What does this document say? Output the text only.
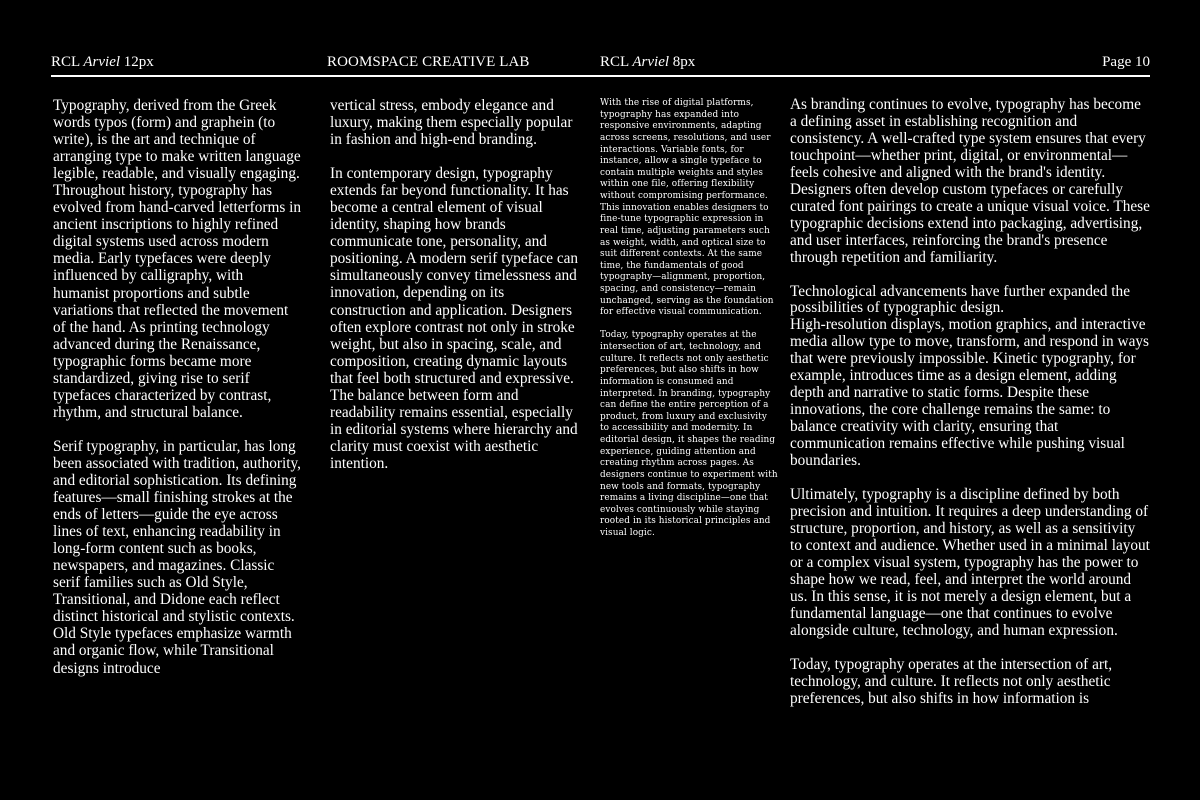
RCL Arviel 12px	ROOMSPACE CREATIVE LAB	RCL Arviel 8px	Page 10

Typography, derived from the Greek words typos (form) and graphein (to write), is the art and technique of arranging type to make written language legible, readable, and visually engaging. Throughout history, typography has evolved from hand-carved letterforms in ancient inscriptions to highly refined digital systems used across modern media. Early typefaces were deeply influenced by calligraphy, with humanist proportions and subtle variations that reflected the movement of the hand. As printing technology advanced during the Renaissance, typographic forms became more standardized, giving rise to serif typefaces characterized by contrast, rhythm, and structural balance.

Serif typography, in particular, has long been associated with tradition, authority, and editorial sophistication. Its defining features—small finishing strokes at the ends of letters—guide the eye across lines of text, enhancing readability in long-form content such as books, newspapers, and magazines. Classic serif families such as Old Style, Transitional, and Didone each reflect distinct historical and stylistic contexts. Old Style typefaces emphasize warmth and organic flow, while Transitional designs introduce

vertical stress, embody elegance and luxury, making them especially popular in fashion and high-end branding.

In contemporary design, typography extends far beyond functionality. It has become a central element of visual identity, shaping how brands communicate tone, personality, and positioning. A modern serif typeface can simultaneously convey timelessness and innovation, depending on its construction and application. Designers often explore contrast not only in stroke weight, but also in spacing, scale, and composition, creating dynamic layouts that feel both structured and expressive. The balance between form and readability remains essential, especially in editorial systems where hierarchy and clarity must coexist with aesthetic intention.

With the rise of digital platforms, typography has expanded into responsive environments, adapting across screens, resolutions, and user interactions. Variable fonts, for instance, allow a single typeface to contain multiple weights and styles within one file, offering flexibility without compromising performance. This innovation enables designers to fine-tune typographic expression in real time, adjusting parameters such as weight, width, and optical size to suit different contexts. At the same time, the fundamentals of good typography—alignment, proportion, spacing, and consistency—remain unchanged, serving as the foundation for effective visual communication.

Today, typography operates at the intersection of art, technology, and culture. It reflects not only aesthetic preferences, but also shifts in how information is consumed and interpreted. In branding, typography can define the entire perception of a product, from luxury and exclusivity to accessibility and modernity. In editorial design, it shapes the reading experience, guiding attention and creating rhythm across pages. As designers continue to experiment with new tools and formats, typography remains a living discipline—one that evolves continuously while staying rooted in its historical principles and visual logic.

As branding continues to evolve, typography has become a defining asset in establishing recognition and consistency. A well-crafted type system ensures that every touchpoint—whether print, digital, or environmental—feels cohesive and aligned with the brand's identity. Designers often develop custom typefaces or carefully curated font pairings to create a unique visual voice. These typographic decisions extend into packaging, advertising, and user interfaces, reinforcing the brand's presence through repetition and familiarity.

Technological advancements have further expanded the possibilities of typographic design.

High-resolution displays, motion graphics, and interactive media allow type to move, transform, and respond in ways that were previously impossible. Kinetic typography, for example, introduces time as a design element, adding depth and narrative to static forms. Despite these innovations, the core challenge remains the same: to balance creativity with clarity, ensuring that communication remains effective while pushing visual boundaries.

Ultimately, typography is a discipline defined by both precision and intuition. It requires a deep understanding of structure, proportion, and history, as well as a sensitivity to context and audience. Whether used in a minimal layout or a complex visual system, typography has the power to shape how we read, feel, and interpret the world around us. In this sense, it is not merely a design element, but a fundamental language—one that continues to evolve alongside culture, technology, and human expression.

Today, typography operates at the intersection of art, technology, and culture. It reflects not only aesthetic preferences, but also shifts in how information is
